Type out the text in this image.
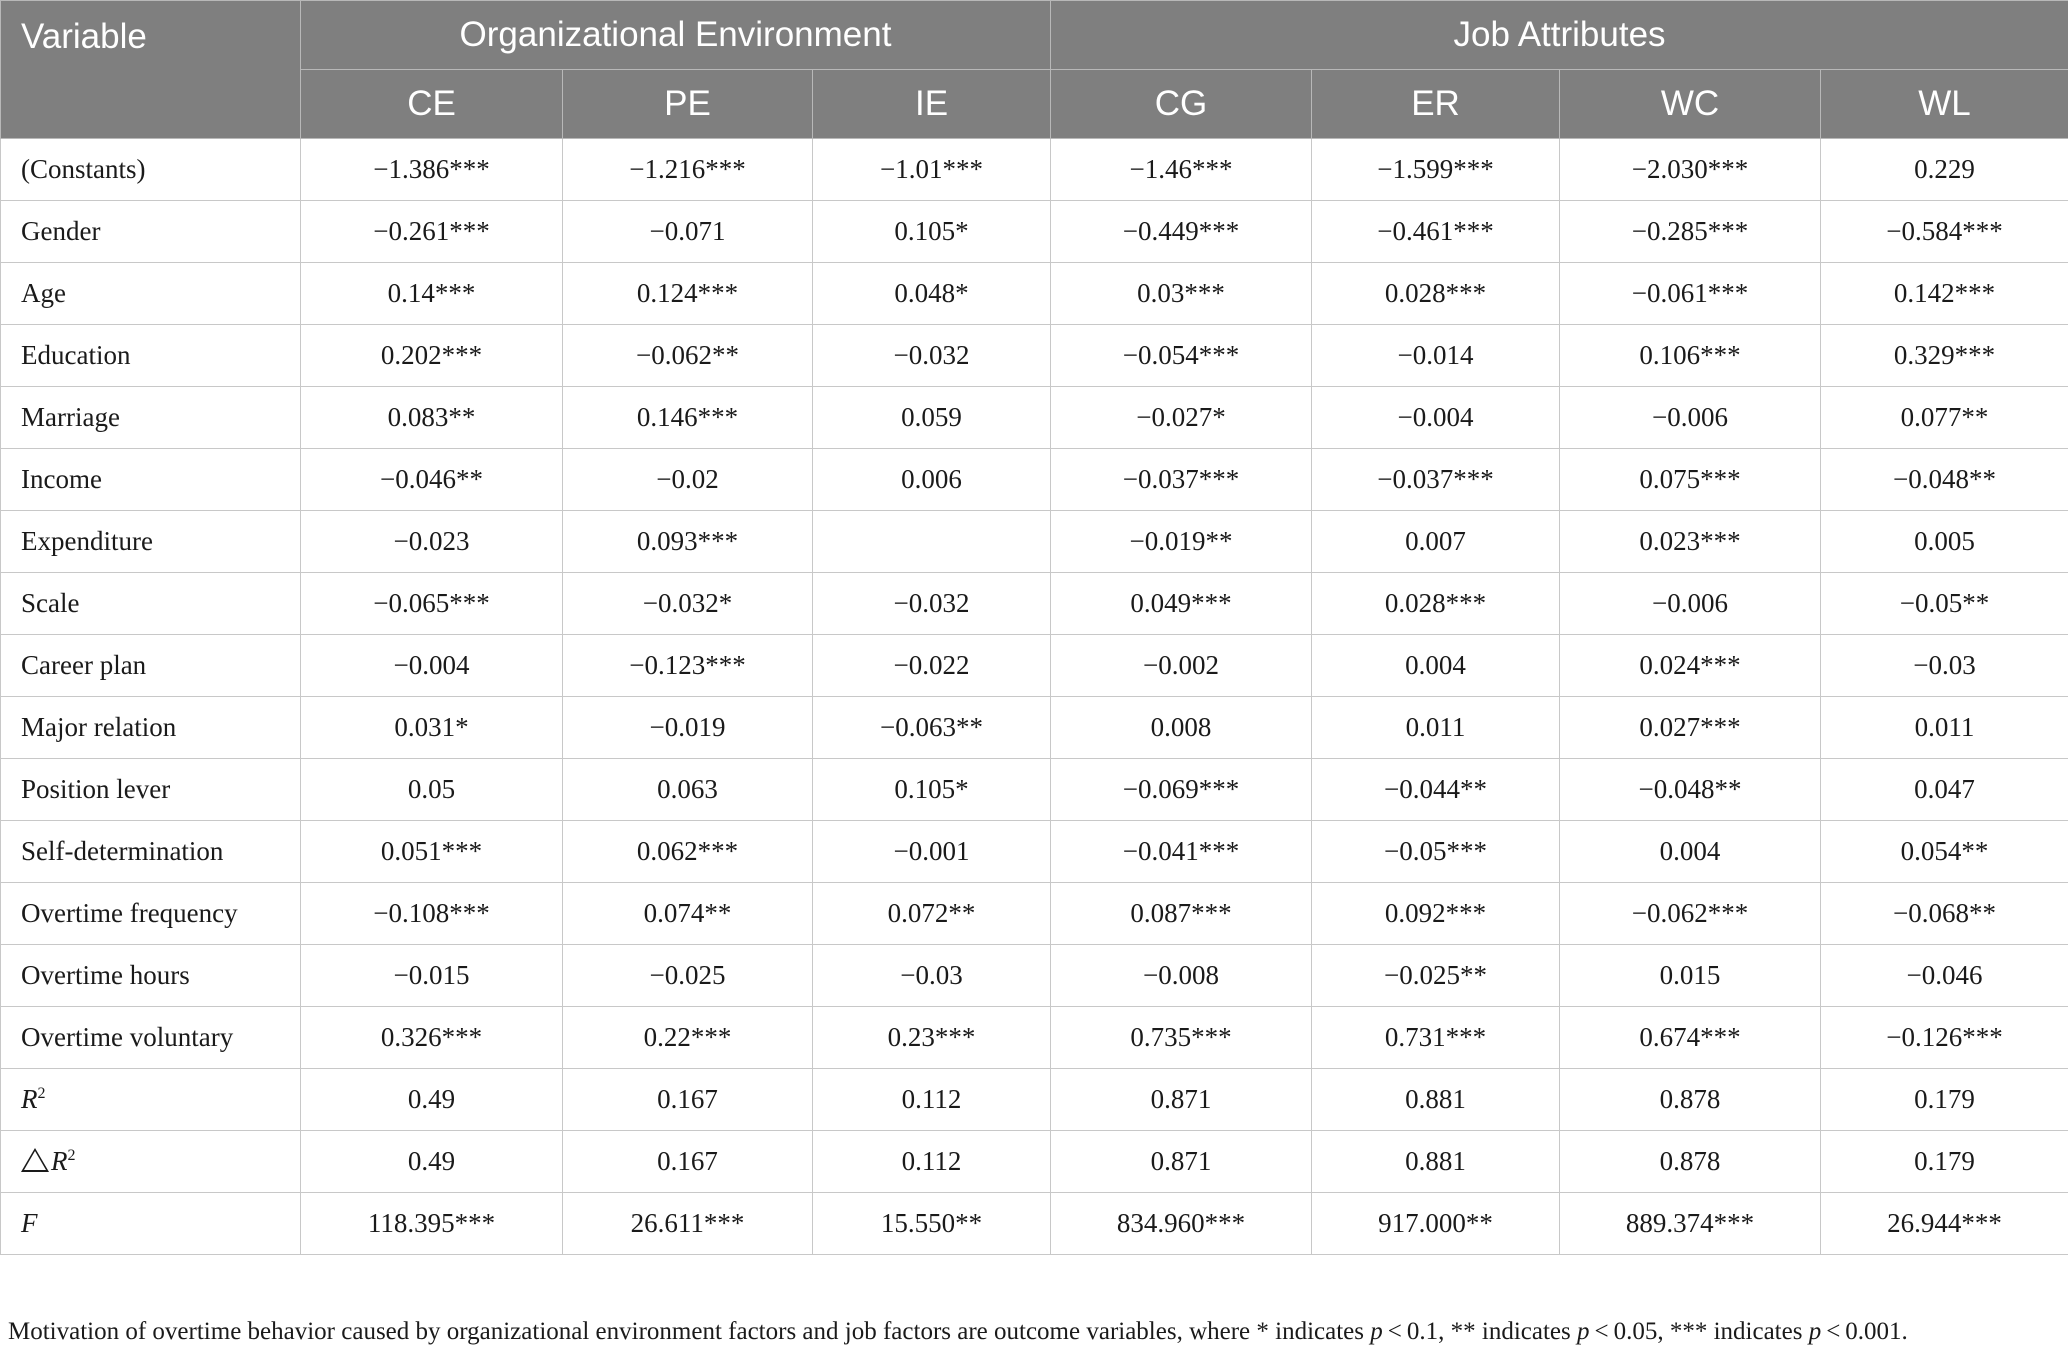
Variable	Organizational Environment			Job Attributes			
	CE	PE	IE	CG	ER	WC	WL
(Constants)	−1.386***	−1.216***	−1.01***	−1.46***	−1.599***	−2.030***	0.229
Gender	−0.261***	−0.071	0.105*	−0.449***	−0.461***	−0.285***	−0.584***
Age	0.14***	0.124***	0.048*	0.03***	0.028***	−0.061***	0.142***
Education	0.202***	−0.062**	−0.032	−0.054***	−0.014	0.106***	0.329***
Marriage	0.083**	0.146***	0.059	−0.027*	−0.004	−0.006	0.077**
Income	−0.046**	−0.02	0.006	−0.037***	−0.037***	0.075***	−0.048**
Expenditure	−0.023	0.093***		−0.019**	0.007	0.023***	0.005
Scale	−0.065***	−0.032*	−0.032	0.049***	0.028***	−0.006	−0.05**
Career plan	−0.004	−0.123***	−0.022	−0.002	0.004	0.024***	−0.03
Major relation	0.031*	−0.019	−0.063**	0.008	0.011	0.027***	0.011
Position lever	0.05	0.063	0.105*	−0.069***	−0.044**	−0.048**	0.047
Self-determination	0.051***	0.062***	−0.001	−0.041***	−0.05***	0.004	0.054**
Overtime frequency	−0.108***	0.074**	0.072**	0.087***	0.092***	−0.062***	−0.068**
Overtime hours	−0.015	−0.025	−0.03	−0.008	−0.025**	0.015	−0.046
Overtime voluntary	0.326***	0.22***	0.23***	0.735***	0.731***	0.674***	−0.126***
$R^2$	0.49	0.167	0.112	0.871	0.881	0.878	0.179
$R^2$	0.49	0.167	0.112	0.871	0.881	0.878	0.179
F	118.395***	26.611***	15.550**	834.960***	917.000**	889.374***	26.944***
Motivation of overtime behavior caused by organizational environment factors and job factors are outcome variables, where * indicates p < 0.1, ** indicates p < 0.05, *** indicates p < 0.001.
